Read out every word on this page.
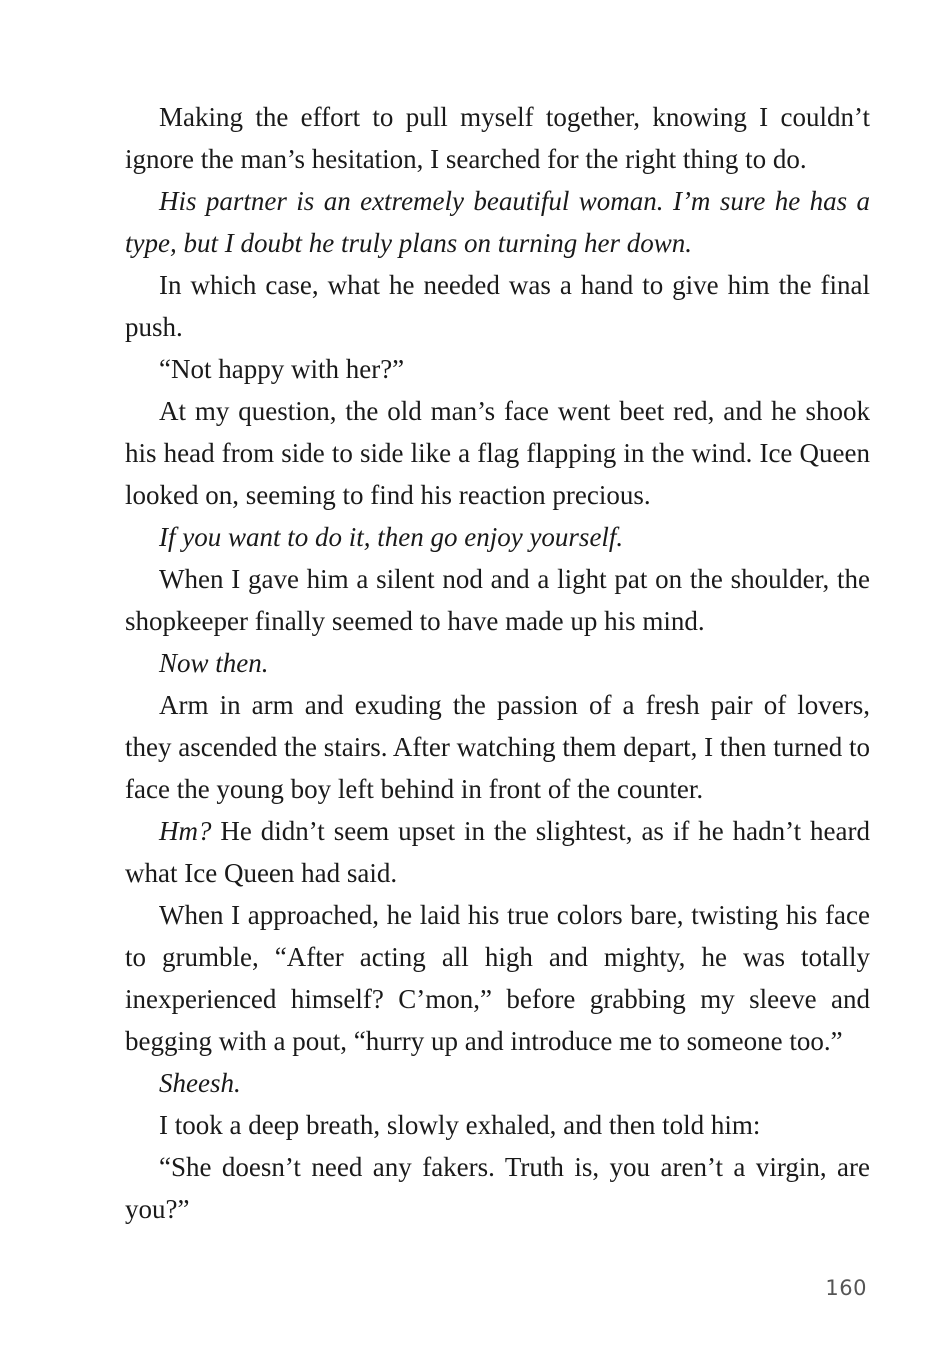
Making the effort to pull myself together, knowing I couldn’t ignore the man’s hesitation, I searched for the right thing to do.

His partner is an extremely beautiful woman. I’m sure he has a type, but I doubt he truly plans on turning her down.

In which case, what he needed was a hand to give him the final push.

“Not happy with her?”

At my question, the old man’s face went beet red, and he shook his head from side to side like a flag flapping in the wind. Ice Queen looked on, seeming to find his reaction precious.

If you want to do it, then go enjoy yourself.

When I gave him a silent nod and a light pat on the shoulder, the shopkeeper finally seemed to have made up his mind.

Now then.

Arm in arm and exuding the passion of a fresh pair of lovers, they ascended the stairs. After watching them depart, I then turned to face the young boy left behind in front of the counter.

Hm? He didn’t seem upset in the slightest, as if he hadn’t heard what Ice Queen had said.

When I approached, he laid his true colors bare, twisting his face to grumble, “After acting all high and mighty, he was totally inexperienced himself? C’mon,” before grabbing my sleeve and begging with a pout, “hurry up and introduce me to someone too.”

Sheesh.

I took a deep breath, slowly exhaled, and then told him:

“She doesn’t need any fakers. Truth is, you aren’t a virgin, are you?”

160
